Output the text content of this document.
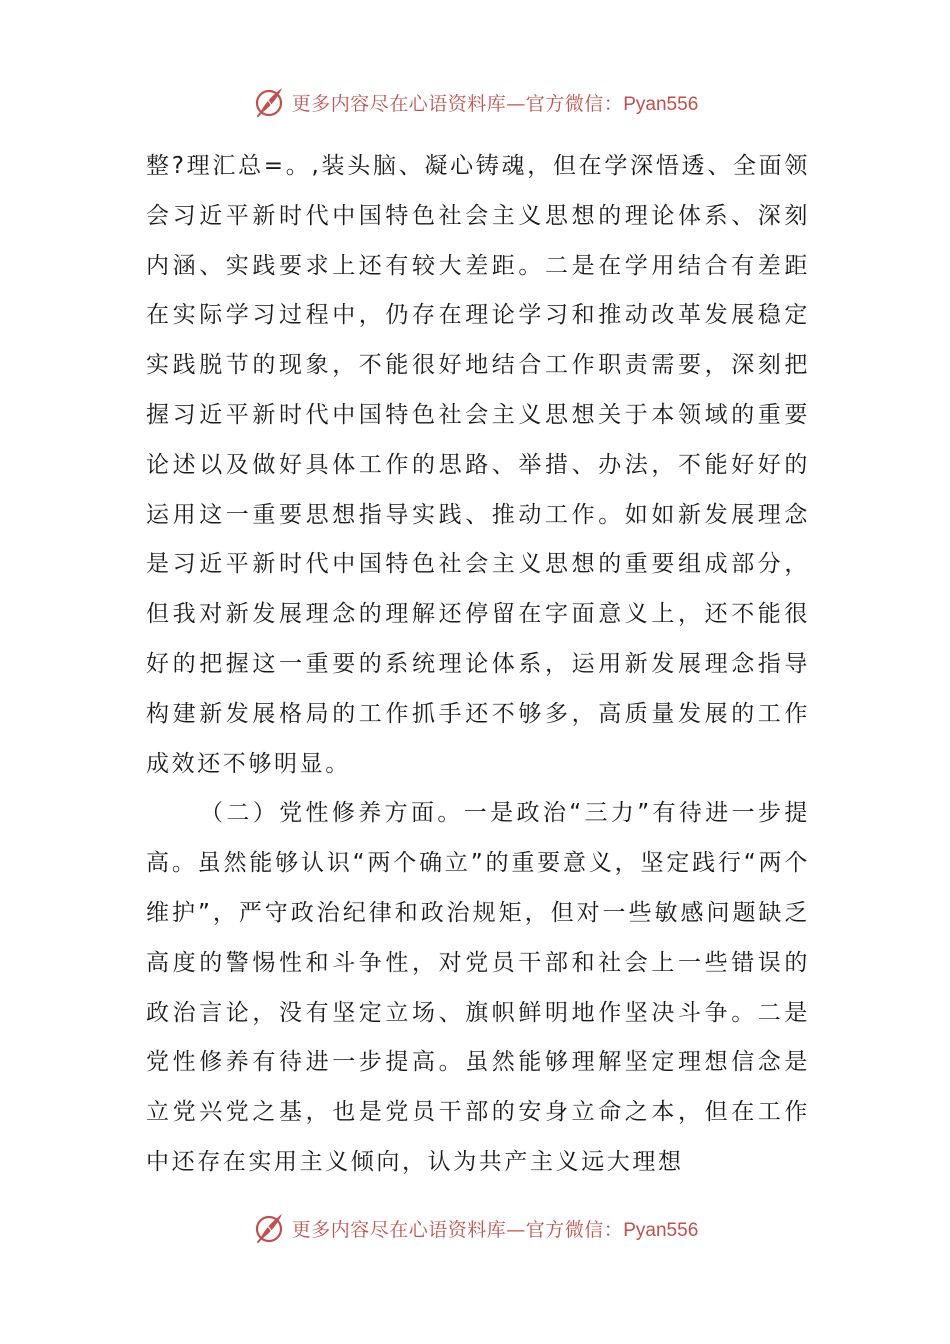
更多内容尽在心语资料库—官方微信：Pyan556

整?理汇总=。,装头脑、凝心铸魂，但在学深悟透、全面领会习近平新时代中国特色社会主义思想的理论体系、深刻内涵、实践要求上还有较大差距。二是在学用结合有差距在实际学习过程中，仍存在理论学习和推动改革发展稳定实践脱节的现象，不能很好地结合工作职责需要，深刻把握习近平新时代中国特色社会主义思想关于本领域的重要论述以及做好具体工作的思路、举措、办法，不能好好的运用这一重要思想指导实践、推动工作。如如新发展理念是习近平新时代中国特色社会主义思想的重要组成部分，但我对新发展理念的理解还停留在字面意义上，还不能很好的把握这一重要的系统理论体系，运用新发展理念指导构建新发展格局的工作抓手还不够多，高质量发展的工作成效还不够明显。

（二）党性修养方面。一是政治“三力”有待进一步提高。虽然能够认识“两个确立”的重要意义，坚定践行“两个维护”，严守政治纪律和政治规矩，但对一些敏感问题缺乏高度的警惕性和斗争性，对党员干部和社会上一些错误的政治言论，没有坚定立场、旗帜鲜明地作坚决斗争。二是党性修养有待进一步提高。虽然能够理解坚定理想信念是立党兴党之基，也是党员干部的安身立命之本，但在工作中还存在实用主义倾向，认为共产主义远大理想

更多内容尽在心语资料库—官方微信：Pyan556
